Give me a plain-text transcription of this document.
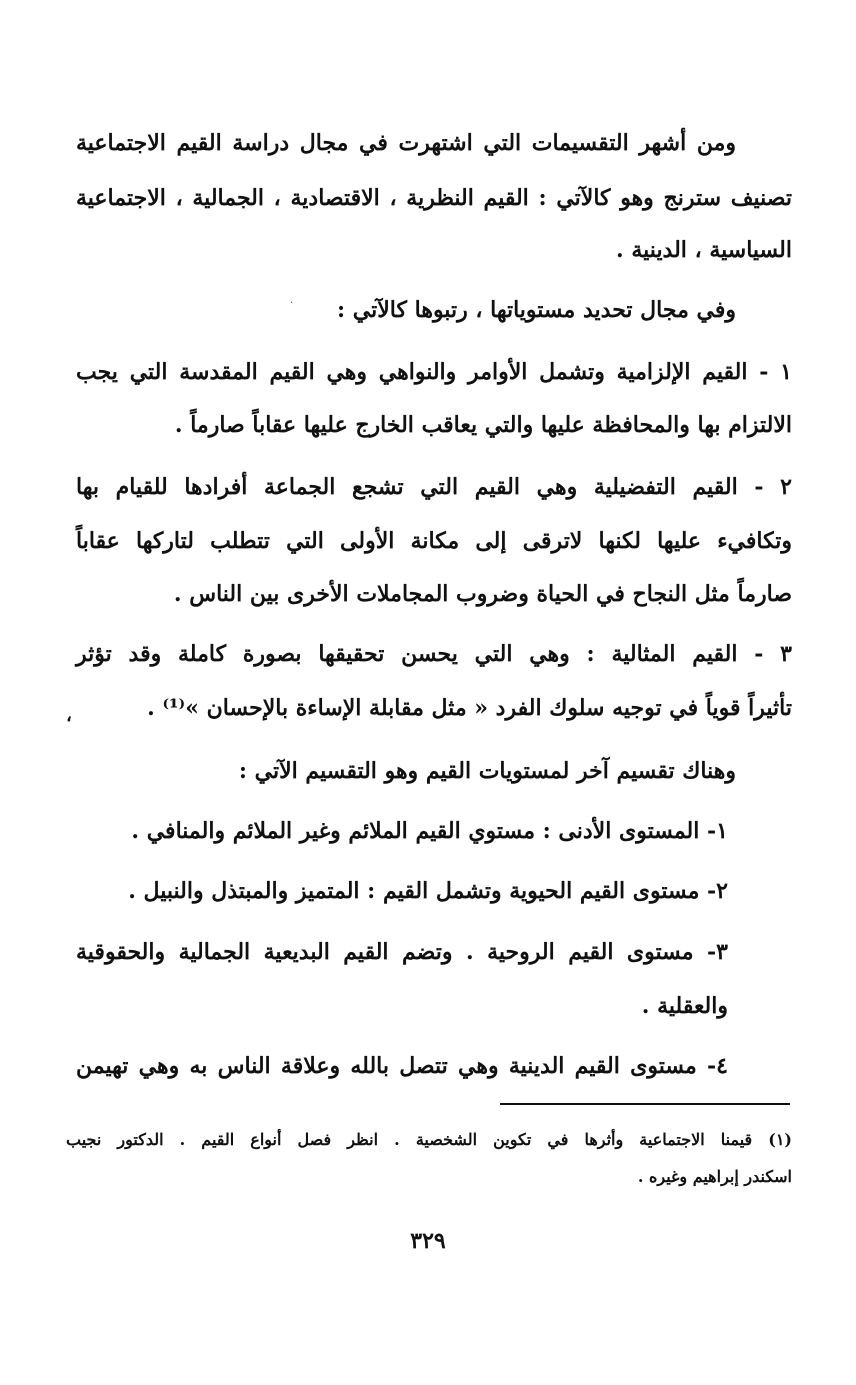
ومن أشهر التقسيمات التي اشتهرت في مجال دراسة القيم الاجتماعية
تصنيف سترنج وهو كالآتي : القيم النظرية ، الاقتصادية ، الجمالية ، الاجتماعية
السياسية ، الدينية .
· وفي مجال تحديد مستوياتها ، رتبوها كالآتي :
١ - القيم الإلزامية وتشمل الأوامر والنواهي وهي القيم المقدسة التي يجب
الالتزام بها والمحافظة عليها والتي يعاقب الخارج عليها عقاباً صارماً .
٢ - القيم التفضيلية وهي القيم التي تشجع الجماعة أفرادها للقيام بها
وتكافيء عليها لكنها لاترقى إلى مكانة الأولى التي تتطلب لتاركها عقاباً
صارماً مثل النجاح في الحياة وضروب المجاملات الأخرى بين الناس .
٣ - القيم المثالية : وهي التي يحسن تحقيقها بصورة كاملة وقد تؤثر
تأثيراً قوياً في توجيه سلوك الفرد « مثل مقابلة الإساءة بالإحسان »⁽¹⁾ .
،
وهناك تقسيم آخر لمستويات القيم وهو التقسيم الآتي :
١- المستوى الأدنى : مستوي القيم الملائم وغير الملائم والمنافي .
٢- مستوى القيم الحيوية وتشمل القيم : المتميز والمبتذل والنبيل .
٣- مستوى القيم الروحية . وتضم القيم البديعية الجمالية والحقوقية
والعقلية .
٤- مستوى القيم الدينية وهي تتصل بالله وعلاقة الناس به وهي تهيمن
(١) قيمنا الاجتماعية وأثرها في تكوين الشخصية . انظر فصل أنواع القيم . الدكتور نجيب
اسكندر إبراهيم وغيره .
٣٢٩
